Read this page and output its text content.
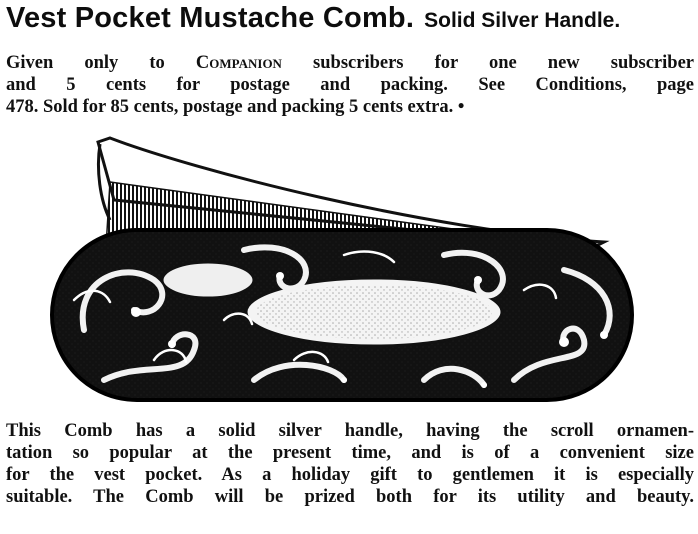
Vest Pocket Mustache Comb. Solid Silver Handle.
Given only to Companion subscribers for one new subscriber
and 5 cents for postage and packing. See Conditions, page
478. Sold for 85 cents, postage and packing 5 cents extra. •
This Comb has a solid silver handle, having the scroll ornamen-
tation so popular at the present time, and is of a convenient size
for the vest pocket. As a holiday gift to gentlemen it is especially
suitable. The Comb will be prized both for its utility and beauty.
